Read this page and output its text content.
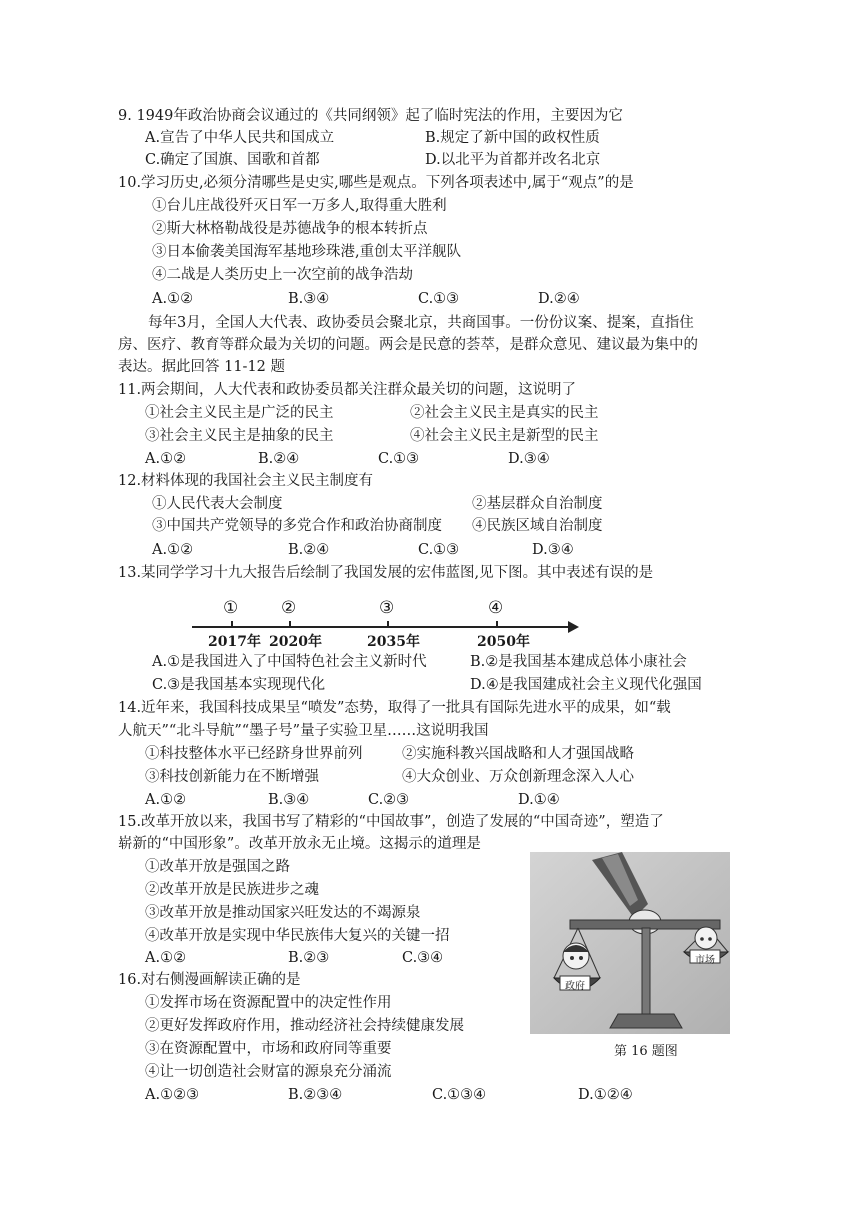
9. 1949年政治协商会议通过的《共同纲领》起了临时宪法的作用，主要因为它
A.宣告了中华人民共和国成立	B.规定了新中国的政权性质
C.确定了国旗、国歌和首都	D.以北平为首都并改名北京
10.学习历史,必须分清哪些是史实,哪些是观点。下列各项表述中,属于“观点”的是
①台儿庄战役歼灭日军一万多人,取得重大胜利
②斯大林格勒战役是苏德战争的根本转折点
③日本偷袭美国海军基地珍珠港,重创太平洋舰队
④二战是人类历史上一次空前的战争浩劫
A.①②	B.③④	C.①③	D.②④
每年3月，全国人大代表、政协委员会聚北京，共商国事。一份份议案、提案，直指住
房、医疗、教育等群众最为关切的问题。两会是民意的荟萃，是群众意见、建议最为集中的
表达。据此回答 11-12 题
11.两会期间，人大代表和政协委员都关注群众最关切的问题，这说明了
①社会主义民主是广泛的民主	②社会主义民主是真实的民主
③社会主义民主是抽象的民主	④社会主义民主是新型的民主
A.①②	B.②④	C.①③	D.③④
12.材料体现的我国社会主义民主制度有
①人民代表大会制度	②基层群众自治制度
③中国共产党领导的多党合作和政治协商制度 ④民族区域自治制度
A.①②	B.②④	C.①③	D.③④
13.某同学学习十九大报告后绘制了我国发展的宏伟蓝图,见下图。其中表述有误的是
①	②	③	④
2017年 2020年	2035年	2050年
A.①是我国进入了中国特色社会主义新时代	B.②是我国基本建成总体小康社会
C.③是我国基本实现现代化	D.④是我国建成社会主义现代化强国
14.近年来，我国科技成果呈“喷发”态势，取得了一批具有国际先进水平的成果，如“载
人航天”“北斗导航”“墨子号”量子实验卫星……这说明我国
①科技整体水平已经跻身世界前列	②实施科教兴国战略和人才强国战略
③科技创新能力在不断增强	④大众创业、万众创新理念深入人心
A.①②	B.③④	C.②③	D.①④
15.改革开放以来，我国书写了精彩的“中国故事”，创造了发展的“中国奇迹”，塑造了
崭新的“中国形象”。改革开放永无止境。这揭示的道理是
①改革开放是强国之路
②改革开放是民族进步之魂
③改革开放是推动国家兴旺发达的不竭源泉
④改革开放是实现中华民族伟大复兴的关键一招
A.①②	B.②③	C.③④
16.对右侧漫画解读正确的是
①发挥市场在资源配置中的决定性作用
②更好发挥政府作用，推动经济社会持续健康发展
③在资源配置中，市场和政府同等重要
④让一切创造社会财富的源泉充分涌流
A.①②③	B.②③④	C.①③④	D.①②④
政府
市场
第 16 题图
